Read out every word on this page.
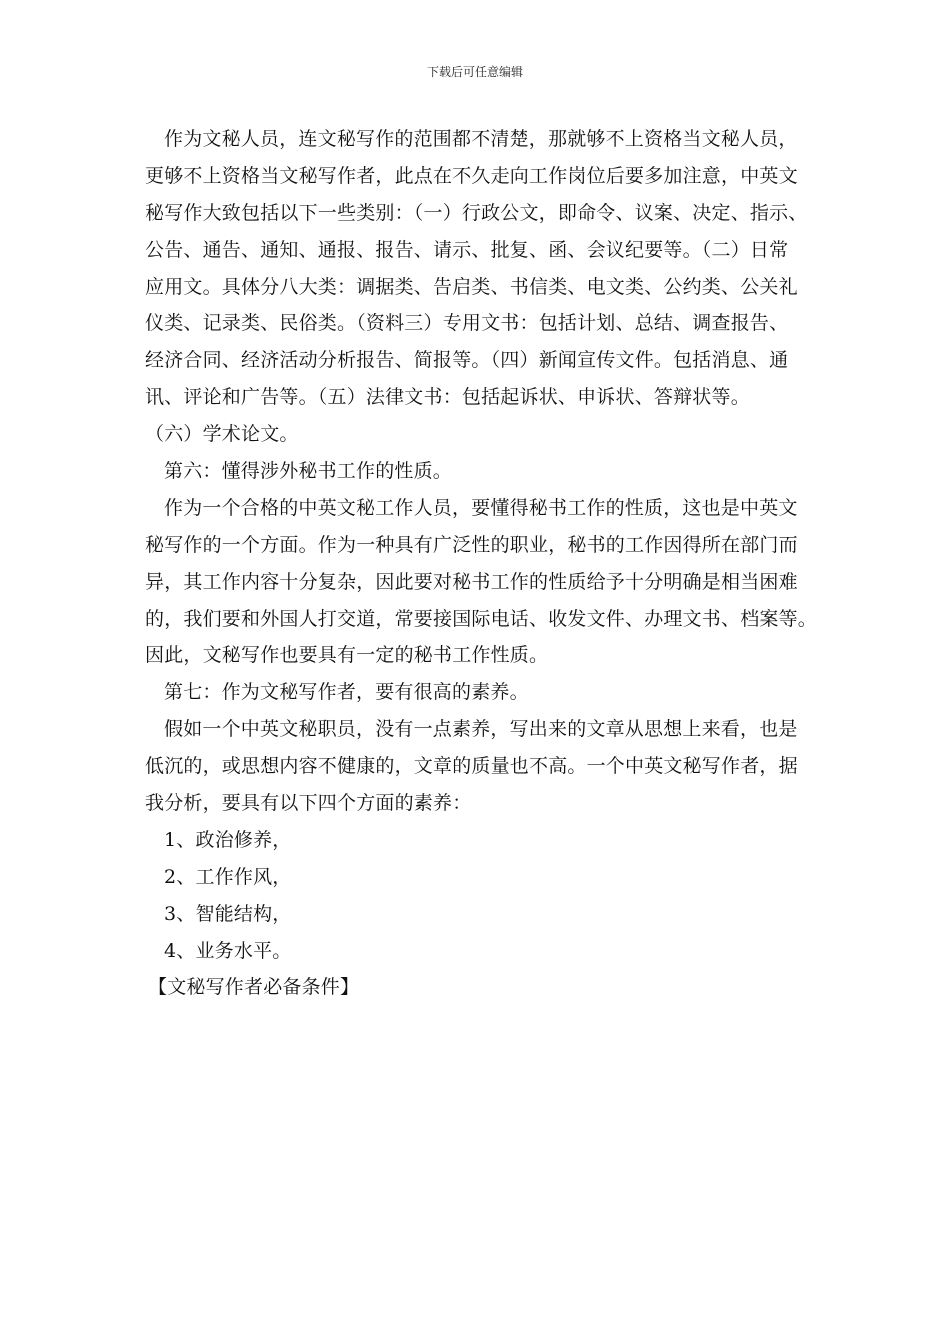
下载后可任意编辑
作为文秘人员，连文秘写作的范围都不清楚，那就够不上资格当文秘人员，
更够不上资格当文秘写作者，此点在不久走向工作岗位后要多加注意，中英文
秘写作大致包括以下一些类别：（一）行政公文，即命令、议案、决定、指示、
公告、通告、通知、通报、报告、请示、批复、函、会议纪要等。（二）日常
应用文。具体分八大类：调据类、告启类、书信类、电文类、公约类、公关礼
仪类、记录类、民俗类。（资料三）专用文书：包括计划、总结、调查报告、
经济合同、经济活动分析报告、简报等。（四）新闻宣传文件。包括消息、通
讯、评论和广告等。（五）法律文书：包括起诉状、申诉状、答辩状等。
（六）学术论文。
第六：懂得涉外秘书工作的性质。
作为一个合格的中英文秘工作人员，要懂得秘书工作的性质，这也是中英文
秘写作的一个方面。作为一种具有广泛性的职业，秘书的工作因得所在部门而
异，其工作内容十分复杂，因此要对秘书工作的性质给予十分明确是相当困难
的，我们要和外国人打交道，常要接国际电话、收发文件、办理文书、档案等。
因此，文秘写作也要具有一定的秘书工作性质。
第七：作为文秘写作者，要有很高的素养。
假如一个中英文秘职员，没有一点素养，写出来的文章从思想上来看，也是
低沉的，或思想内容不健康的，文章的质量也不高。一个中英文秘写作者，据
我分析，要具有以下四个方面的素养：
1、政治修养，
2、工作作风，
3、智能结构，
4、业务水平。
【文秘写作者必备条件】
